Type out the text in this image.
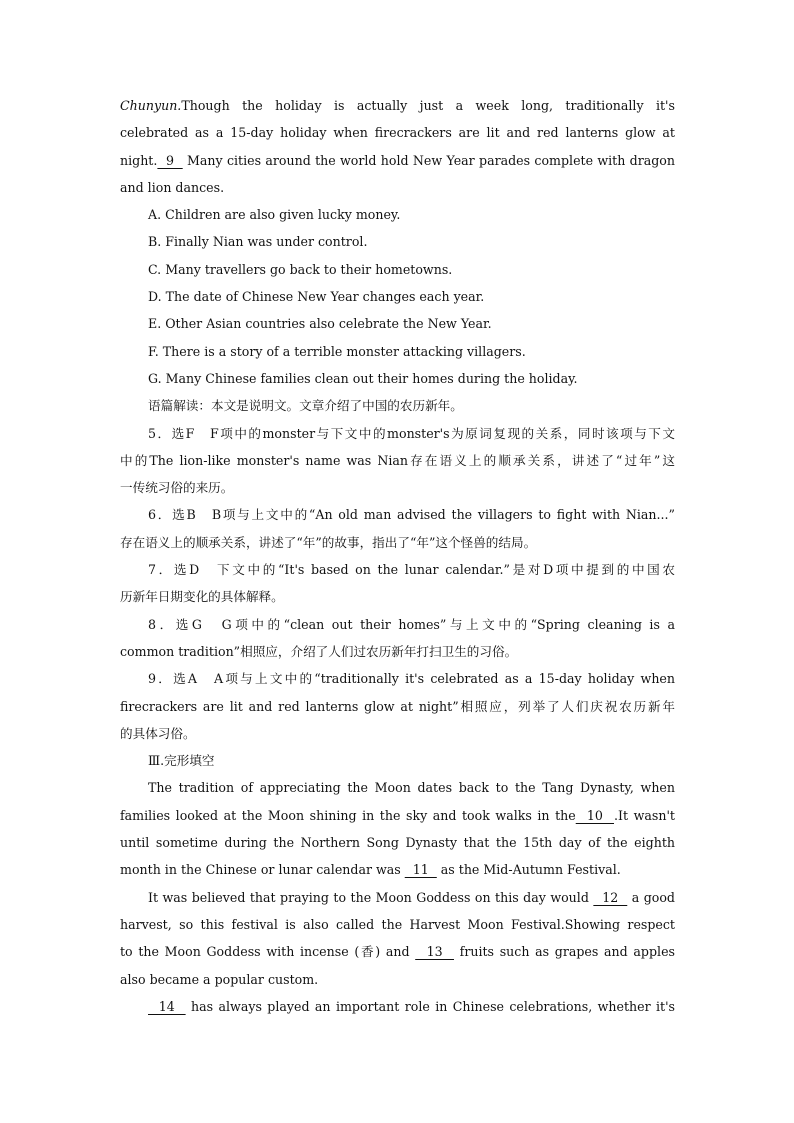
Chunyun.Though the holiday is actually just a week long, traditionally it's
celebrated as a 15-day holiday when firecrackers are lit and red lanterns glow at
night.  9   Many cities around the world hold New Year parades complete with dragon
and lion dances.
A. Children are also given lucky money.
B. Finally Nian was under control.
C. Many travellers go back to their hometowns.
D. The date of Chinese New Year changes each year.
E. Other Asian countries also celebrate the New Year.
F. There is a story of a terrible monster attacking villagers.
G. Many Chinese families clean out their homes during the holiday.
语篇解读：本文是说明文。文章介绍了中国的农历新年。
5．选F　F项中的monster与下文中的monster's为原词复现的关系，同时该项与下文
中的The lion-like monster's name was Nian存在语义上的顺承关系，讲述了“过年”这
一传统习俗的来历。
6．选B　B项与上文中的“An old man advised the villagers to fight with Nian...”
存在语义上的顺承关系，讲述了“年”的故事，指出了“年”这个怪兽的结局。
7．选D　下文中的“It's based on the lunar calendar.”是对D项中提到的中国农
历新年日期变化的具体解释。
8．选G　G项中的“clean out their homes”与上文中的“Spring cleaning is a
common tradition”相照应，介绍了人们过农历新年打扫卫生的习俗。
9．选A　A项与上文中的“traditionally it's celebrated as a 15-day holiday when
firecrackers are lit and red lanterns glow at night”相照应，列举了人们庆祝农历新年
的具体习俗。
Ⅲ.完形填空
The tradition of appreciating the Moon dates back to the Tang Dynasty, when
families looked at the Moon shining in the sky and took walks in the  10  .It wasn't
until sometime during the Northern Song Dynasty that the 15th day of the eighth
month in the Chinese or lunar calendar was   11   as the Mid-Autumn Festival.
It was believed that praying to the Moon Goddess on this day would   12   a good
harvest, so this festival is also called the Harvest Moon Festival.Showing respect
to the Moon Goddess with incense (香) and   13   fruits such as grapes and apples
also became a popular custom.
14   has always played an important role in Chinese celebrations, whether it's
